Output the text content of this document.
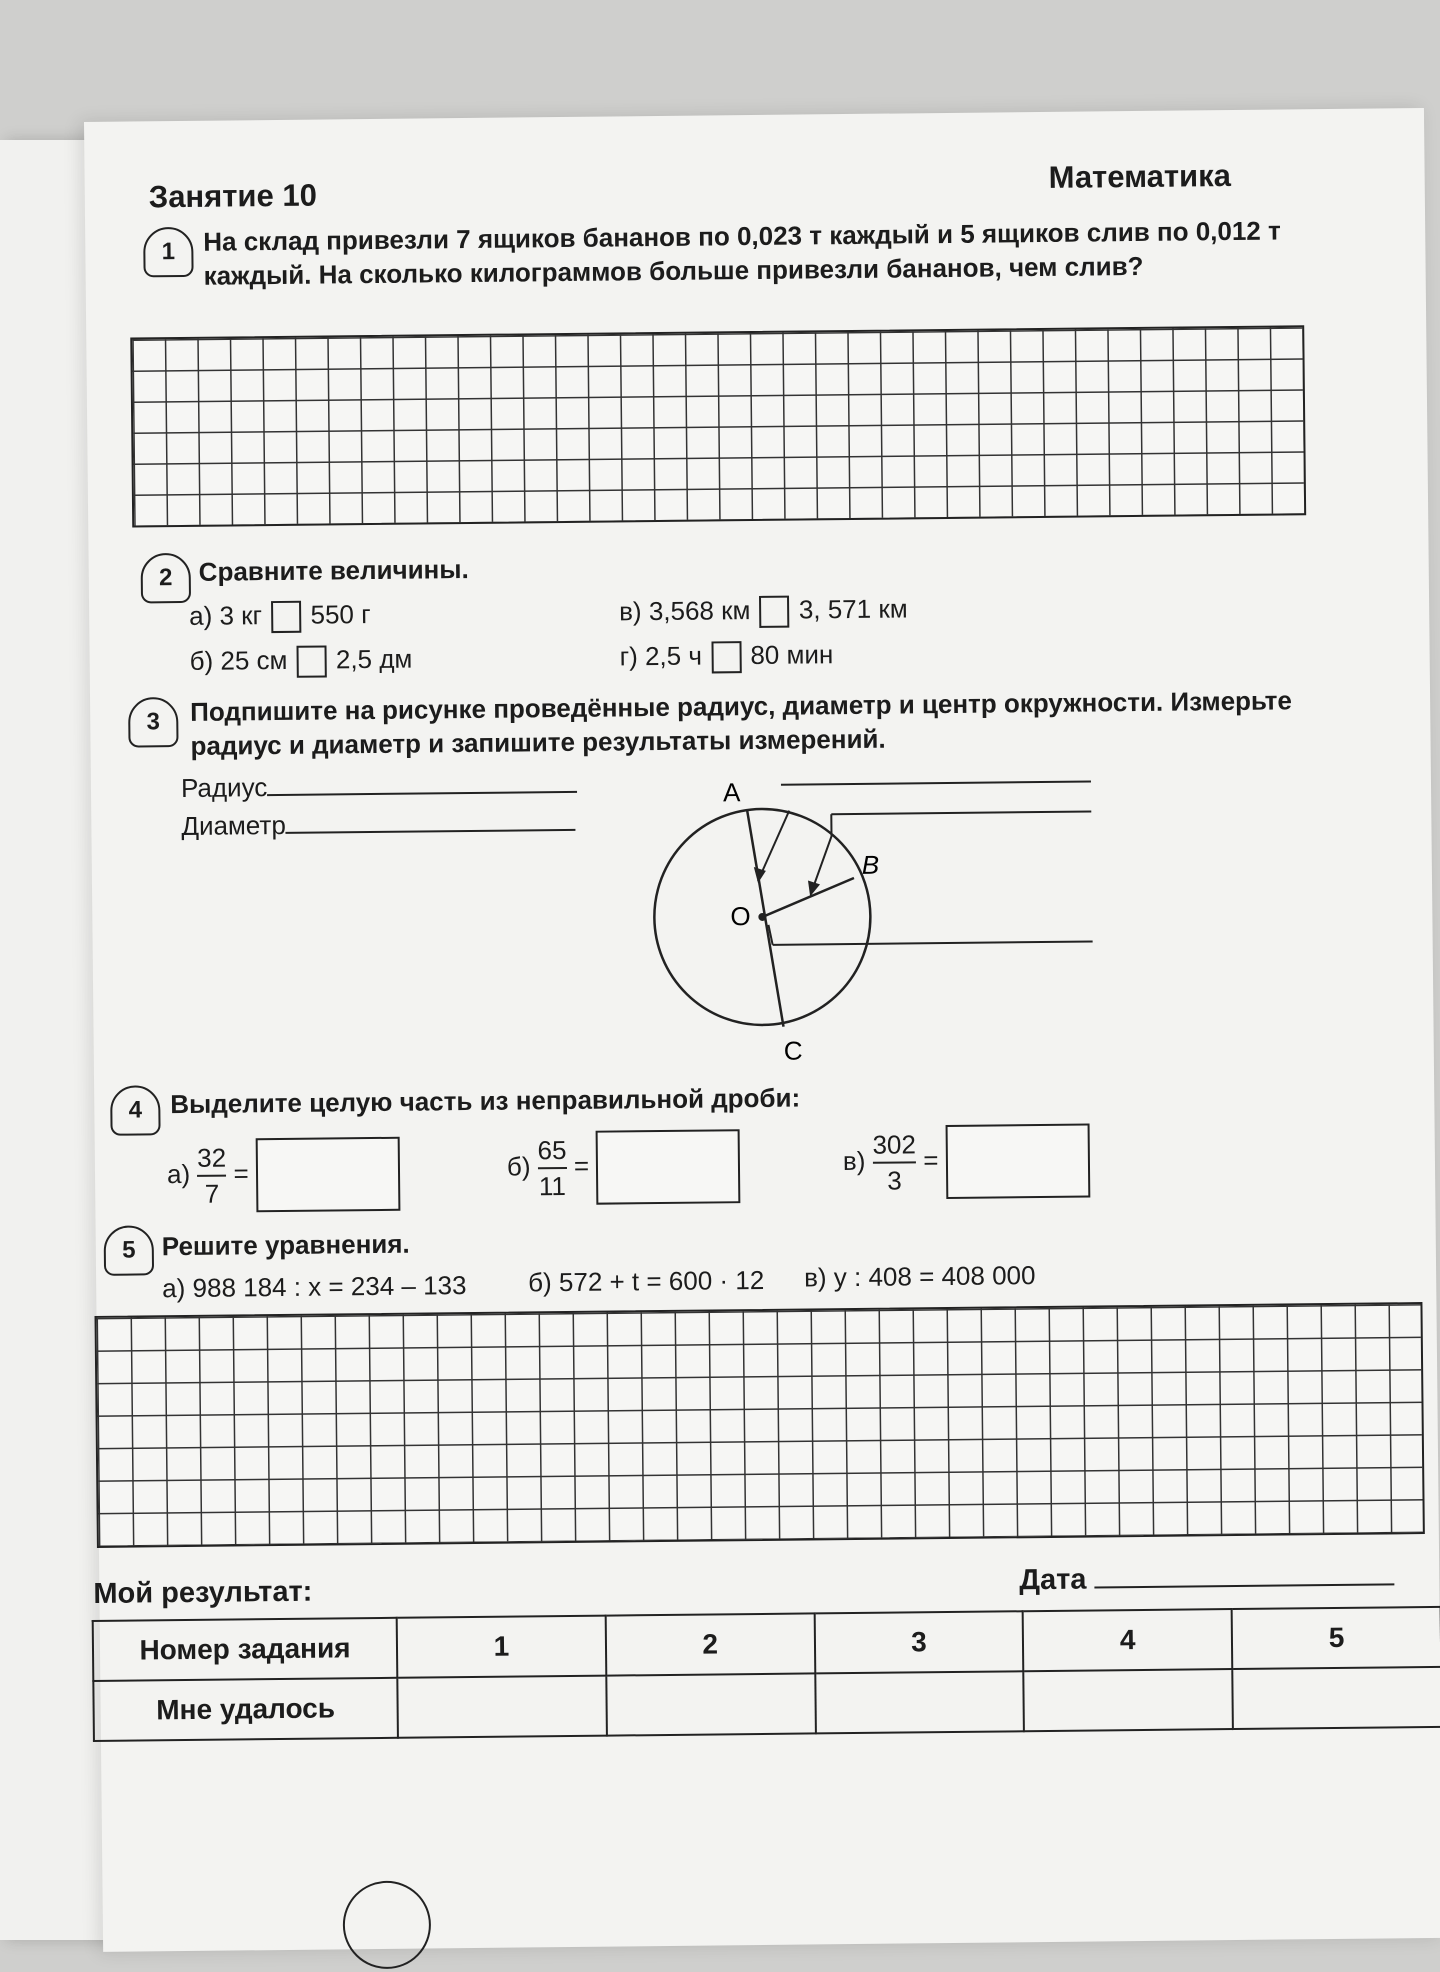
Занятие 10
Математика
1	На склад привезли 7 ящиков бананов по 0,023 т каждый и 5 ящиков слив по 0,012 т каждый. На сколько килограммов больше привезли бананов, чем слив?
2 Сравните величины.
а) 3 кг 550 г
б) 25 см 2,5 дм
в) 3,568 км 3, 571 км
г) 2,5 ч 80 мин
3	Подпишите на рисунке проведённые радиус, диаметр и центр окружности. Измерьте радиус и диаметр и запишите результаты измерений.
Радиус
Диаметр
A
B
O
C
4	Выделите целую часть из неправильной дроби:
$а) \frac{32}{7}$ =	$б) \frac{65}{11}$ =	$в) \frac{302}{3}$ =
5 Решите уравнения.
а) 988 184 : x = 234 – 133 б) 572 + t = 600 · 12 в) y : 408 = 408 000
Мой результат:	Дата
Номер задания	1	2	3	4	5
Мне удалось					
